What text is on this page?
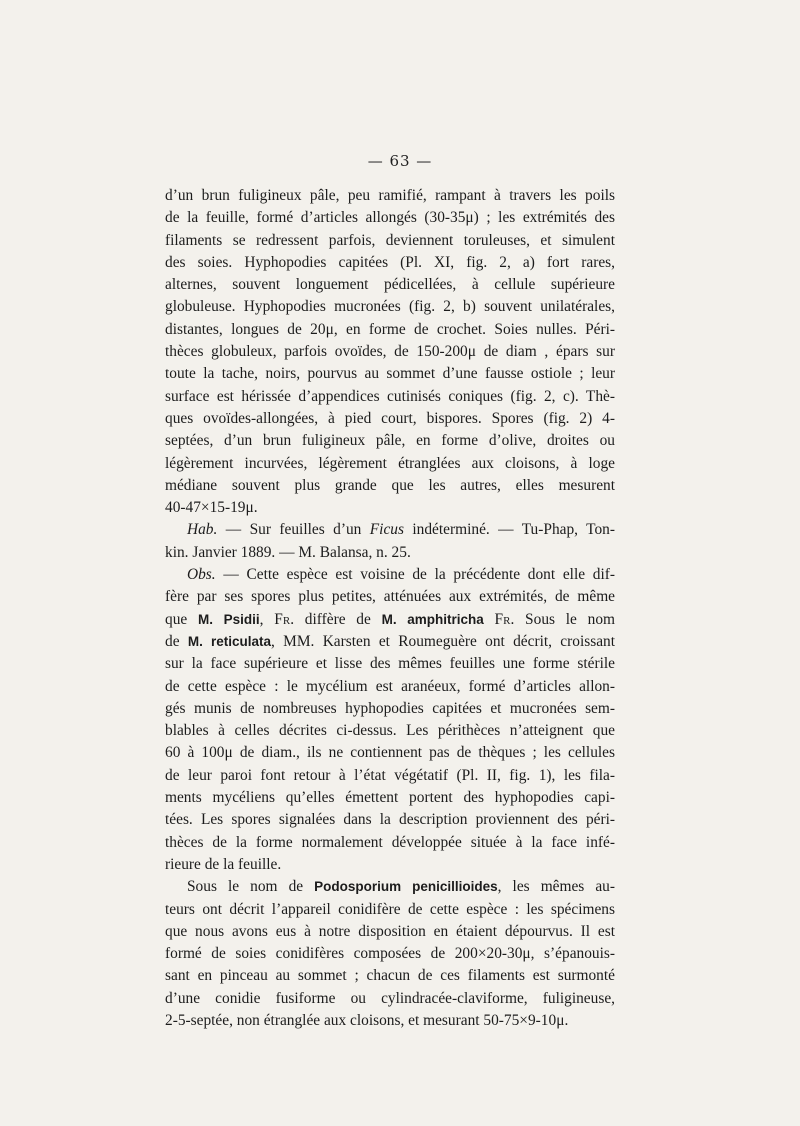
— 63 —
d’un brun fuligineux pâle, peu ramifié, rampant à travers les poils
de la feuille, formé d’articles allongés (30-35μ) ; les extrémités des
filaments se redressent parfois, deviennent toruleuses, et simulent
des soies. Hyphopodies capitées (Pl. XI, fig. 2, a) fort rares,
alternes, souvent longuement pédicellées, à cellule supérieure
globuleuse. Hyphopodies mucronées (fig. 2, b) souvent unilatérales,
distantes, longues de 20μ, en forme de crochet. Soies nulles. Péri-
thèces globuleux, parfois ovoïdes, de 150-200μ de diam , épars sur
toute la tache, noirs, pourvus au sommet d’une fausse ostiole ; leur
surface est hérissée d’appendices cutinisés coniques (fig. 2, c). Thè-
ques ovoïdes-allongées, à pied court, bispores. Spores (fig. 2) 4-
septées, d’un brun fuligineux pâle, en forme d’olive, droites ou
légèrement incurvées, légèrement étranglées aux cloisons, à loge
médiane souvent plus grande que les autres, elles mesurent
40-47×15-19μ.
Hab. — Sur feuilles d’un Ficus indéterminé. — Tu-Phap, Ton-
kin. Janvier 1889. — M. Balansa, n. 25.
Obs. — Cette espèce est voisine de la précédente dont elle dif-
fère par ses spores plus petites, atténuées aux extrémités, de même
que M. Psidii, Fr. diffère de M. amphitricha Fr. Sous le nom
de M. reticulata, MM. Karsten et Roumeguère ont décrit, croissant
sur la face supérieure et lisse des mêmes feuilles une forme stérile
de cette espèce : le mycélium est aranéeux, formé d’articles allon-
gés munis de nombreuses hyphopodies capitées et mucronées sem-
blables à celles décrites ci-dessus. Les périthèces n’atteignent que
60 à 100μ de diam., ils ne contiennent pas de thèques ; les cellules
de leur paroi font retour à l’état végétatif (Pl. II, fig. 1), les fila-
ments mycéliens qu’elles émettent portent des hyphopodies capi-
tées. Les spores signalées dans la description proviennent des péri-
thèces de la forme normalement développée située à la face infé-
rieure de la feuille.
Sous le nom de Podosporium penicillioides, les mêmes au-
teurs ont décrit l’appareil conidifère de cette espèce : les spécimens
que nous avons eus à notre disposition en étaient dépourvus. Il est
formé de soies conidifères composées de 200×20-30μ, s’épanouis-
sant en pinceau au sommet ; chacun de ces filaments est surmonté
d’une conidie fusiforme ou cylindracée-claviforme, fuligineuse,
2-5-septée, non étranglée aux cloisons, et mesurant 50-75×9-10μ.
